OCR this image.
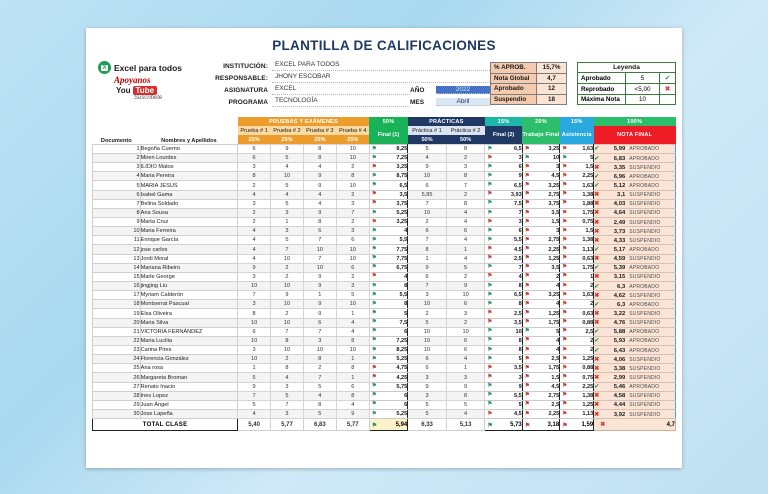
PLANTILLA DE CALIFICACIONES
X Excel para todos
Apoyanos
You Tube
Suscribete
INSTITUCIÓN:	EXCEL PARA TODOS
RESPONSABLE:	JHONY ESCOBAR
ASIGNATURA	EXCEL	AÑO	2022
PROGRAMA	TECNOLOGÍA	MES	Abril
% APROB.	15,7%
Nota Global	4,7
Aprobado	12
Suspendio	18
Leyenda		
Aprobado	5	✔
Reprobado	<5,00	✖
Máxima Nota	10	
		PRUEBAS Y EXÁMENES				50%	PRÁCTICAS		15%	20%	15%	100%
Documento	Nombres y Apellidos	Prueba # 1	Prueba # 2	Prueba # 3	Prueba # 4	Final (1)	Práctica # 1	Práctica # 2	Final (2)	Trabajo Final	Asistencia	NOTA FINAL
		25%	25%	25%	25%		50%	50%				
1	Begoña Cuerno	6	9	8	10	⚑ 8,25	5	8	⚑ 6,5	⚑ 3,25	⚑ 1,63	✔ 5,99 APROBADO
2	Miren Lourdes	6	5	8	10	⚑ 7,25	4	2	⚑ 3	⚑ 10	⚑ 5	✔ 6,83 APROBADO
3	ILIDIO Matos	3	4	4	2	⚑ 3,25	9	3	⚑ 6	⚑ 3	⚑ 1,5	✖ 3,35 SUSPENDIO
4	Maria Pereira	8	10	9	8	⚑ 8,75	10	8	⚑ 9	⚑ 4,5	⚑ 2,25	✔ 6,96 APROBADO
5	MARIA JESUS	2	5	9	10	⚑ 6,5	6	7	⚑ 6,5	⚑ 3,25	⚑ 1,63	✔ 5,12 APROBADO
6	Isabel Gama	4	4	4	2	⚑ 3,5	5,85	2	⚑ 3,93	⚑ 2,75	⚑ 1,38	✖ 3,1 SUSPENDIO
7	Belina Soldado	3	5	4	3	⚑ 3,75	7	8	⚑ 7,5	⚑ 3,75	⚑ 1,88	✖ 4,03 SUSPENDIO
8	Ana Sousa	2	3	9	7	⚑ 5,25	10	4	⚑ 7	⚑ 3,5	⚑ 1,75	✖ 4,64 SUSPENDIO
9	Marta Cruz	2	1	8	2	⚑ 3,25	2	4	⚑ 3	⚑ 1,5	⚑ 0,75	✖ 2,49 SUSPENDIO
10	Maria Ferreira	4	3	6	3	⚑ 4	6	6	⚑ 6	⚑ 3	⚑ 1,5	✖ 3,73 SUSPENDIO
11	Enrique García	4	5	7	6	⚑ 5,5	7	4	⚑ 5,5	⚑ 2,75	⚑ 1,38	✖ 4,33 SUSPENDIO
12	jose carlos	4	7	10	10	⚑ 7,75	8	1	⚑ 4,5	⚑ 2,25	⚑ 1,13	✔ 5,17 APROBADO
13	Jordi Moral	4	10	7	10	⚑ 7,75	1	4	⚑ 2,5	⚑ 1,25	⚑ 0,63	✖ 4,59 SUSPENDIO
14	Mariana Ribeiro	9	2	10	6	⚑ 6,75	9	5	⚑ 7	⚑ 3,5	⚑ 1,75	✔ 5,39 APROBADO
15	Marle George	3	2	9	2	⚑ 4	6	2	⚑ 4	⚑ 2	⚑ 1	✖ 3,15 SUSPENDIO
16	jingjing Liu	10	10	9	3	⚑ 8	7	9	⚑ 8	⚑ 4	⚑ 2	✔ 6,3 APROBADO
17	Myriam Calderón	7	9	1	5	⚑ 5,5	3	10	⚑ 6,5	⚑ 3,25	⚑ 1,63	✖ 4,62 SUSPENDIO
18	Montserrat Pascual	3	10	9	10	⚑ 8	10	6	⚑ 8	⚑ 4	⚑ 2	✔ 6,3 APROBADO
19	Elsa Oliveira	8	2	9	1	⚑ 5	2	3	⚑ 2,5	⚑ 1,25	⚑ 0,63	✖ 3,22 SUSPENDIO
20	Maria Silva	10	10	6	4	⚑ 7,5	5	2	⚑ 3,5	⚑ 1,75	⚑ 0,88	✖ 4,76 SUSPENDIO
21	VICTORIA FERNÁNDEZ	6	7	7	4	⚑ 6	10	10	⚑ 10	⚑ 5	⚑ 2,5	✔ 5,88 APROBADO
22	Maria Lucilia	10	8	3	8	⚑ 7,25	10	6	⚑ 8	⚑ 4	⚑ 2	✔ 5,93 APROBADO
23	Carina Pires	3	10	10	10	⚑ 8,25	10	6	⚑ 8	⚑ 4	⚑ 2	✔ 6,43 APROBADO
24	Florencia González	10	2	8	1	⚑ 5,25	6	4	⚑ 5	⚑ 2,5	⚑ 1,25	✖ 4,06 SUSPENDIO
25	Ana rosa	1	8	2	8	⚑ 4,75	6	1	⚑ 3,5	⚑ 1,75	⚑ 0,88	✖ 3,38 SUSPENDIO
26	Margareta Broman	5	4	7	1	⚑ 4,25	3	3	⚑ 3	⚑ 1,5	⚑ 0,75	✖ 2,99 SUSPENDIO
27	Renato Inacio	9	3	5	6	⚑ 5,75	9	9	⚑ 9	⚑ 4,5	⚑ 2,25	✔ 5,46 APROBADO
28	Ines Lopez	7	5	4	8	⚑ 6	3	8	⚑ 5,5	⚑ 2,75	⚑ 1,38	✖ 4,58 SUSPENDIO
29	Juan Ángel	5	7	8	4	⚑ 6	5	5	⚑ 5	⚑ 2,5	⚑ 1,25	✖ 4,44 SUSPENDIO
30	Jose Lapeña	4	3	5	9	⚑ 5,25	5	4	⚑ 4,5	⚑ 2,25	⚑ 1,13	✖ 3,92 SUSPENDIO
TOTAL CLASE		5,40	5,77	6,83	5,77	⚑ 5,94	6,33	5,13	⚑ 5,73	⚑ 3,18	⚑ 1,59	✖ 4,7
